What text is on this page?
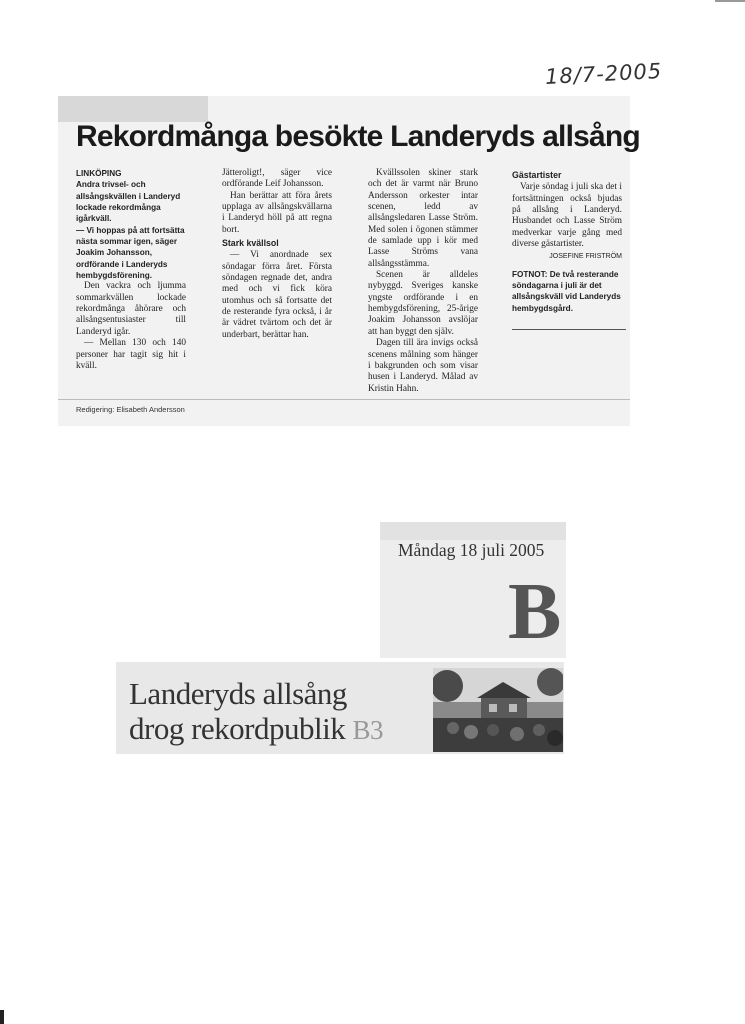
18/7-2005
Rekordmånga besökte Landeryds allsång

LINKÖPING

Andra trivsel- och allsångskvällen i Landeryd lockade rekordmånga igårkväll.

— Vi hoppas på att fortsätta nästa sommar igen, säger Joakim Johansson, ordförande i Landeryds hembygdsförening.

Den vackra och ljumma sommarkvällen lockade rekordmånga åhörare och allsångsentusiaster till Landeryd igår.

— Mellan 130 och 140 personer har tagit sig hit i kväll.

Jätteroligt!, säger vice ordförande Leif Johansson.

Han berättar att föra årets upplaga av allsångskvällarna i Landeryd höll på att regna bort.

Stark kvällsol

— Vi anordnade sex söndagar förra året. Första söndagen regnade det, andra med och vi fick köra utomhus och så fortsatte det de resterande fyra också, i år är vädret tvärtom och det är underbart, berättar han.

Kvällssolen skiner stark och det är varmt när Bruno Andersson orkester intar scenen, ledd av allsångsledaren Lasse Ström. Med solen i ögonen stämmer de samlade upp i kör med Lasse Ströms vana allsångsstämma.

Scenen är alldeles nybyggd. Sveriges kanske yngste ordförande i en hembygdsförening, 25-årige Joakim Johansson avslöjar att han byggt den själv.

Dagen till ära invigs också scenens målning som hänger i bakgrunden och som visar husen i Landeryd. Målad av Kristin Hahn.

Gästartister

Varje söndag i juli ska det i fortsättningen också bjudas på allsång i Landeryd. Husbandet och Lasse Ström medverkar varje gång med diverse gästartister.

JOSEFINE FRISTRÖM

FOTNOT: De två resterande söndagarna i juli är det allsångskväll vid Landeryds hembygdsgård.

Redigering: Elisabeth Andersson
Måndag 18 juli 2005
B
Landeryds allsång
drog rekordpublik B3
